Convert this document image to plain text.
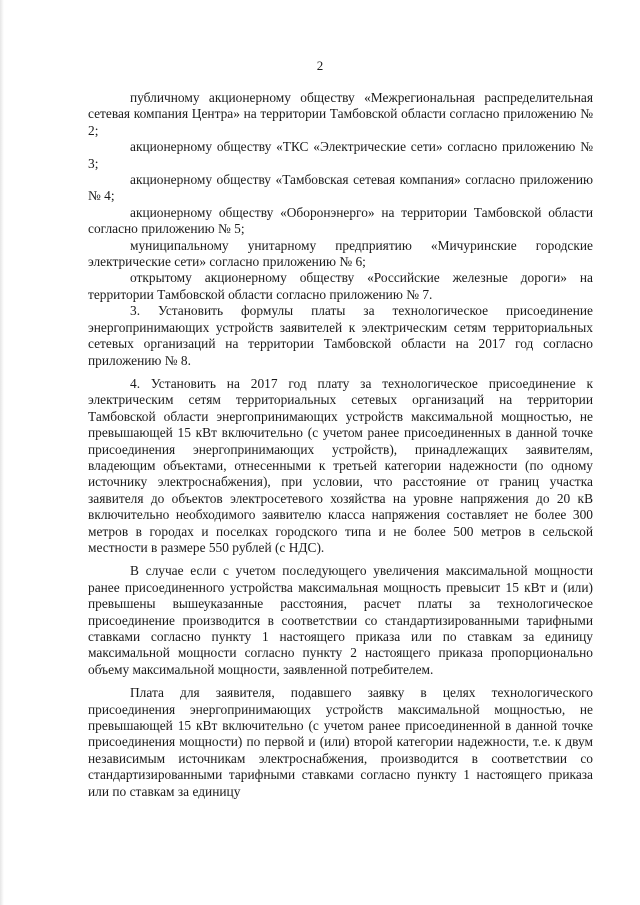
2

публичному акционерному обществу «Межрегиональная распределительная сетевая компания Центра» на территории Тамбовской области согласно приложению № 2;

акционерному обществу «ТКС «Электрические сети» согласно приложению № 3;

акционерному обществу «Тамбовская сетевая компания» согласно приложению № 4;

акционерному обществу «Оборонэнерго» на территории Тамбовской области согласно приложению № 5;

муниципальному унитарному предприятию «Мичуринские городские электрические сети» согласно приложению № 6;

открытому акционерному обществу «Российские железные дороги» на территории Тамбовской области согласно приложению № 7.

3. Установить формулы платы за технологическое присоединение энергопринимающих устройств заявителей к электрическим сетям территориальных сетевых организаций на территории Тамбовской области на 2017 год согласно приложению № 8.

4. Установить на 2017 год плату за технологическое присоединение к электрическим сетям территориальных сетевых организаций на территории Тамбовской области энергопринимающих устройств максимальной мощностью, не превышающей 15 кВт включительно (с учетом ранее присоединенных в данной точке присоединения энергопринимающих устройств), принадлежащих заявителям, владеющим объектами, отнесенными к третьей категории надежности (по одному источнику электроснабжения), при условии, что расстояние от границ участка заявителя до объектов электросетевого хозяйства на уровне напряжения до 20 кВ включительно необходимого заявителю класса напряжения составляет не более 300 метров в городах и поселках городского типа и не более 500 метров в сельской местности в размере 550 рублей (с НДС).

В случае если с учетом последующего увеличения максимальной мощности ранее присоединенного устройства максимальная мощность превысит 15 кВт и (или) превышены вышеуказанные расстояния, расчет платы за технологическое присоединение производится в соответствии со стандартизированными тарифными ставками согласно пункту 1 настоящего приказа или по ставкам за единицу максимальной мощности согласно пункту 2 настоящего приказа пропорционально объему максимальной мощности, заявленной потребителем.

Плата для заявителя, подавшего заявку в целях технологического присоединения энергопринимающих устройств максимальной мощностью, не превышающей 15 кВт включительно (с учетом ранее присоединенной в данной точке присоединения мощности) по первой и (или) второй категории надежности, т.е. к двум независимым источникам электроснабжения, производится в соответствии со стандартизированными тарифными ставками согласно пункту 1 настоящего приказа или по ставкам за единицу
